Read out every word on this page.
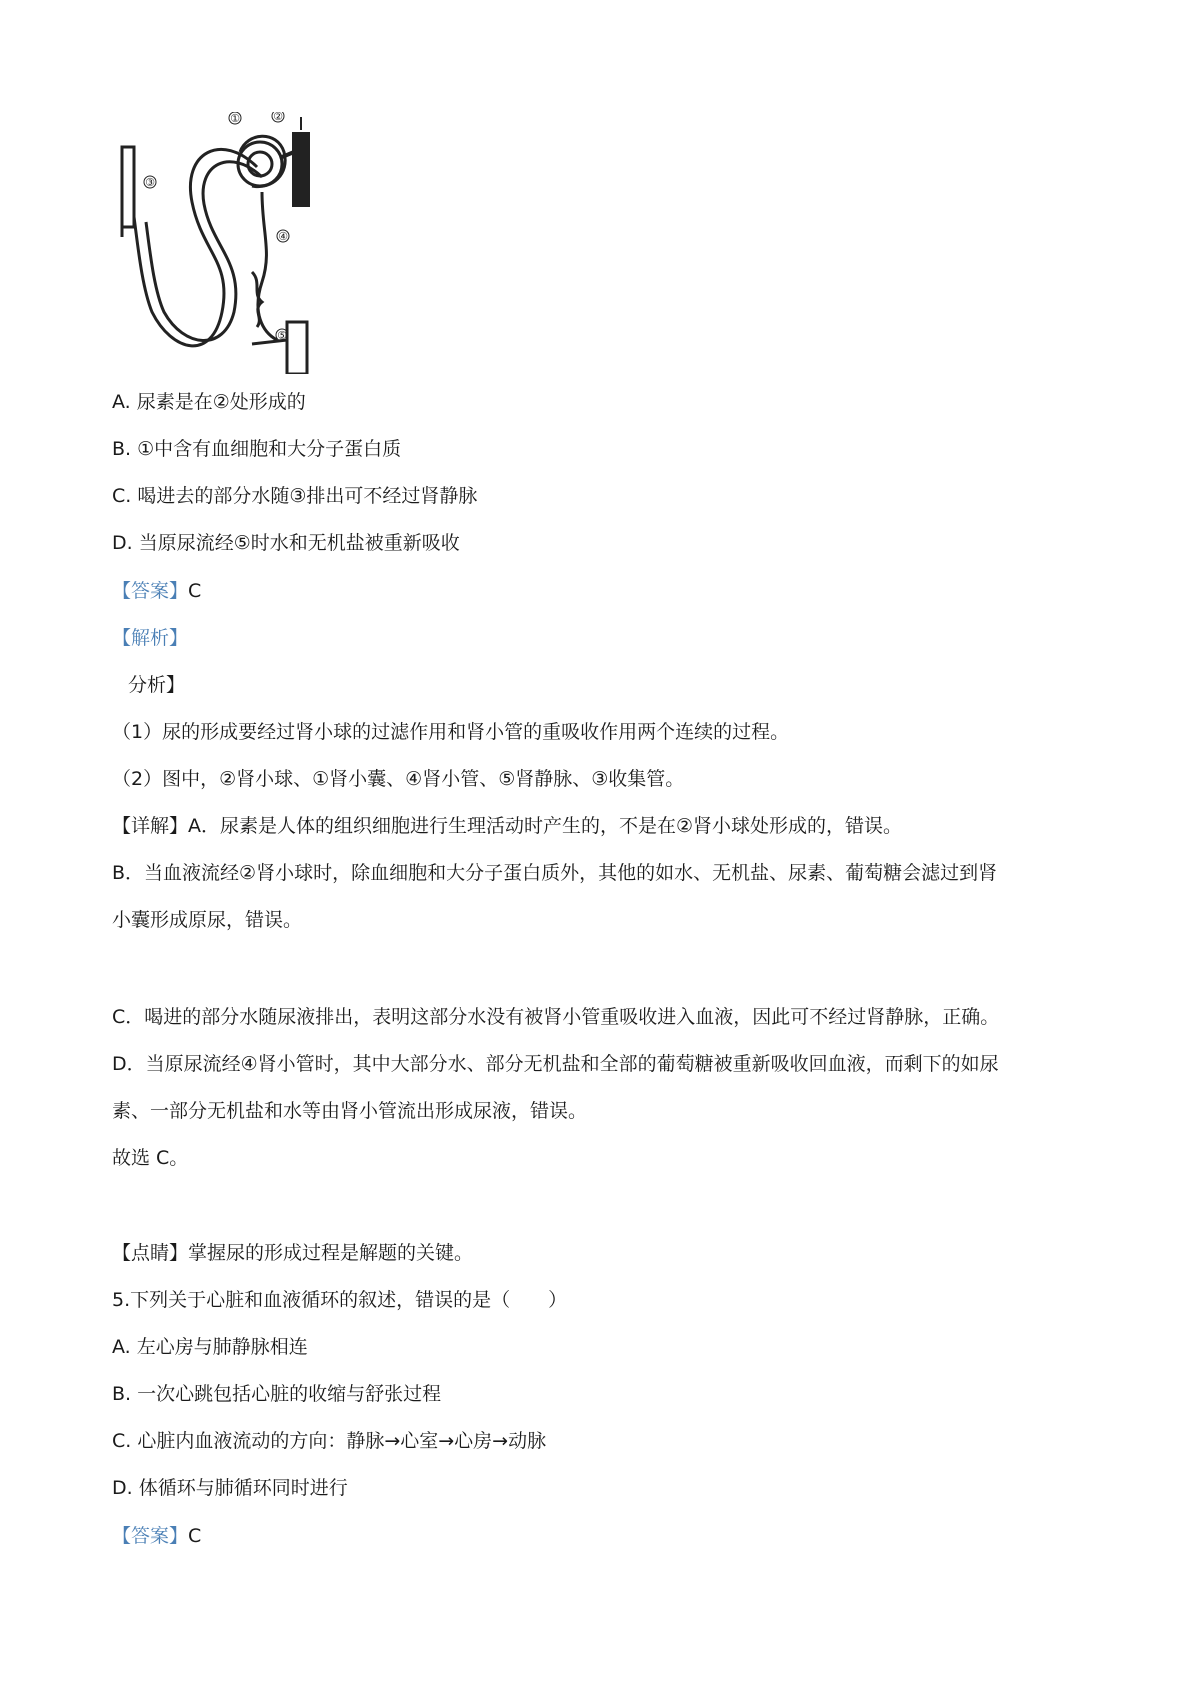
①	②
③
④
⑤
A. 尿素是在②处形成的
B. ①中含有血细胞和大分子蛋白质
C. 喝进去的部分水随③排出可不经过肾静脉
D. 当原尿流经⑤时水和无机盐被重新吸收
【答案】C
【解析】
分析】
（1）尿的形成要经过肾小球的过滤作用和肾小管的重吸收作用两个连续的过程。
（2）图中，②肾小球、①肾小囊、④肾小管、⑤肾静脉、③收集管。
【详解】A．尿素是人体的组织细胞进行生理活动时产生的，不是在②肾小球处形成的，错误。
B．当血液流经②肾小球时，除血细胞和大分子蛋白质外，其他的如水、无机盐、尿素、葡萄糖会滤过到肾
小囊形成原尿，错误。
C．喝进的部分水随尿液排出，表明这部分水没有被肾小管重吸收进入血液，因此可不经过肾静脉，正确。
D．当原尿流经④肾小管时，其中大部分水、部分无机盐和全部的葡萄糖被重新吸收回血液，而剩下的如尿
素、一部分无机盐和水等由肾小管流出形成尿液，错误。
故选 C。
【点睛】掌握尿的形成过程是解题的关键。
5.下列关于心脏和血液循环的叙述，错误的是（　　）
A. 左心房与肺静脉相连
B. 一次心跳包括心脏的收缩与舒张过程
C. 心脏内血液流动的方向：静脉→心室→心房→动脉
D. 体循环与肺循环同时进行
【答案】C
